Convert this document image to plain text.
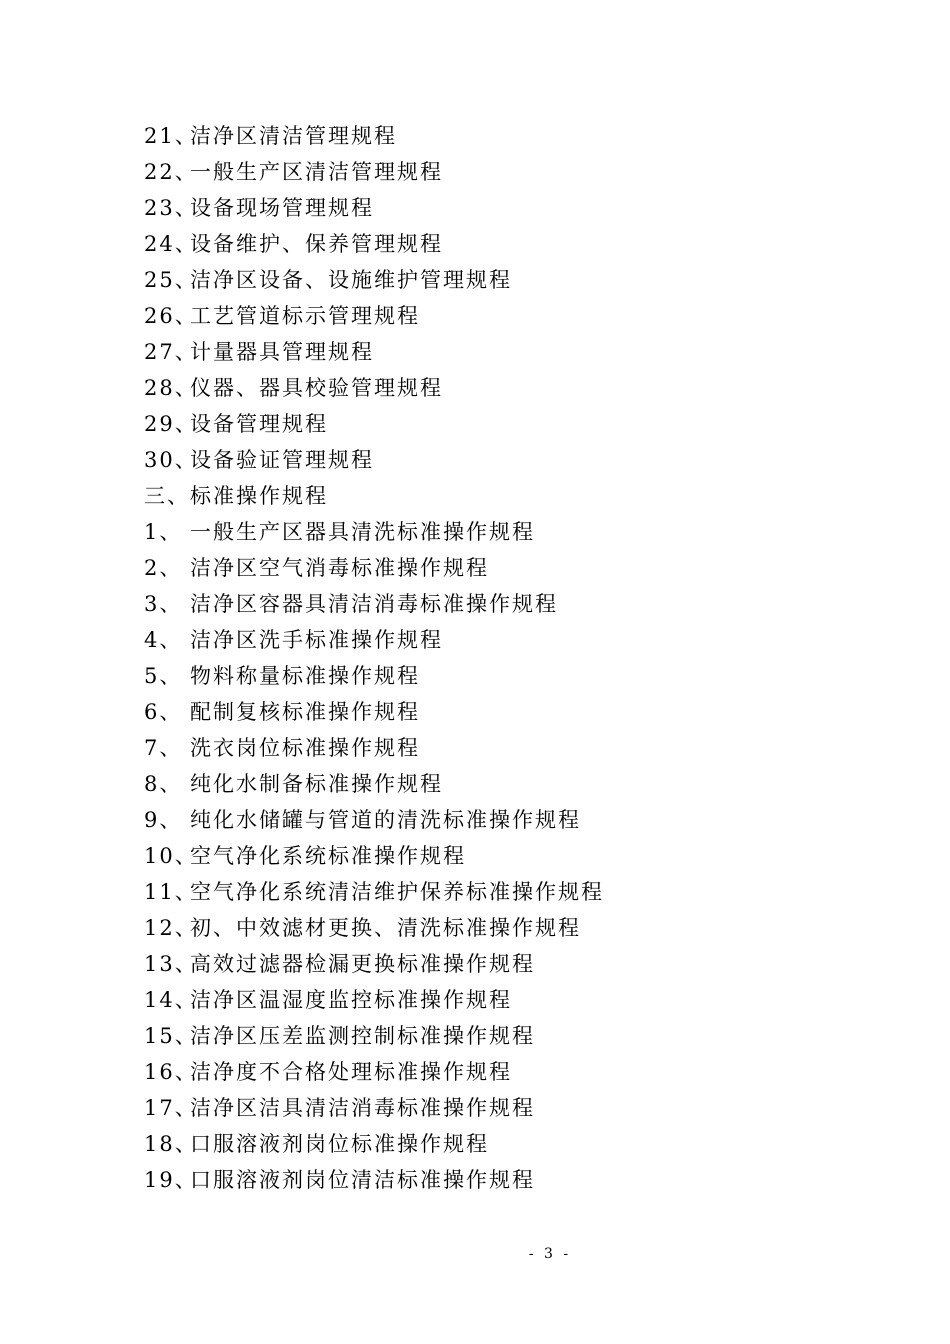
21、洁净区清洁管理规程
22、一般生产区清洁管理规程
23、设备现场管理规程
24、设备维护、保养管理规程
25、洁净区设备、设施维护管理规程
26、工艺管道标示管理规程
27、计量器具管理规程
28、仪器、器具校验管理规程
29、设备管理规程
30、设备验证管理规程
三、标准操作规程
1、 一般生产区器具清洗标准操作规程
2、 洁净区空气消毒标准操作规程
3、 洁净区容器具清洁消毒标准操作规程
4、 洁净区洗手标准操作规程
5、 物料称量标准操作规程
6、 配制复核标准操作规程
7、 洗衣岗位标准操作规程
8、 纯化水制备标准操作规程
9、 纯化水储罐与管道的清洗标准操作规程
10、空气净化系统标准操作规程
11、空气净化系统清洁维护保养标准操作规程
12、初、中效滤材更换、清洗标准操作规程
13、高效过滤器检漏更换标准操作规程
14、洁净区温湿度监控标准操作规程
15、洁净区压差监测控制标准操作规程
16、洁净度不合格处理标准操作规程
17、洁净区洁具清洁消毒标准操作规程
18、口服溶液剂岗位标准操作规程
19、口服溶液剂岗位清洁标准操作规程
- 3 -
